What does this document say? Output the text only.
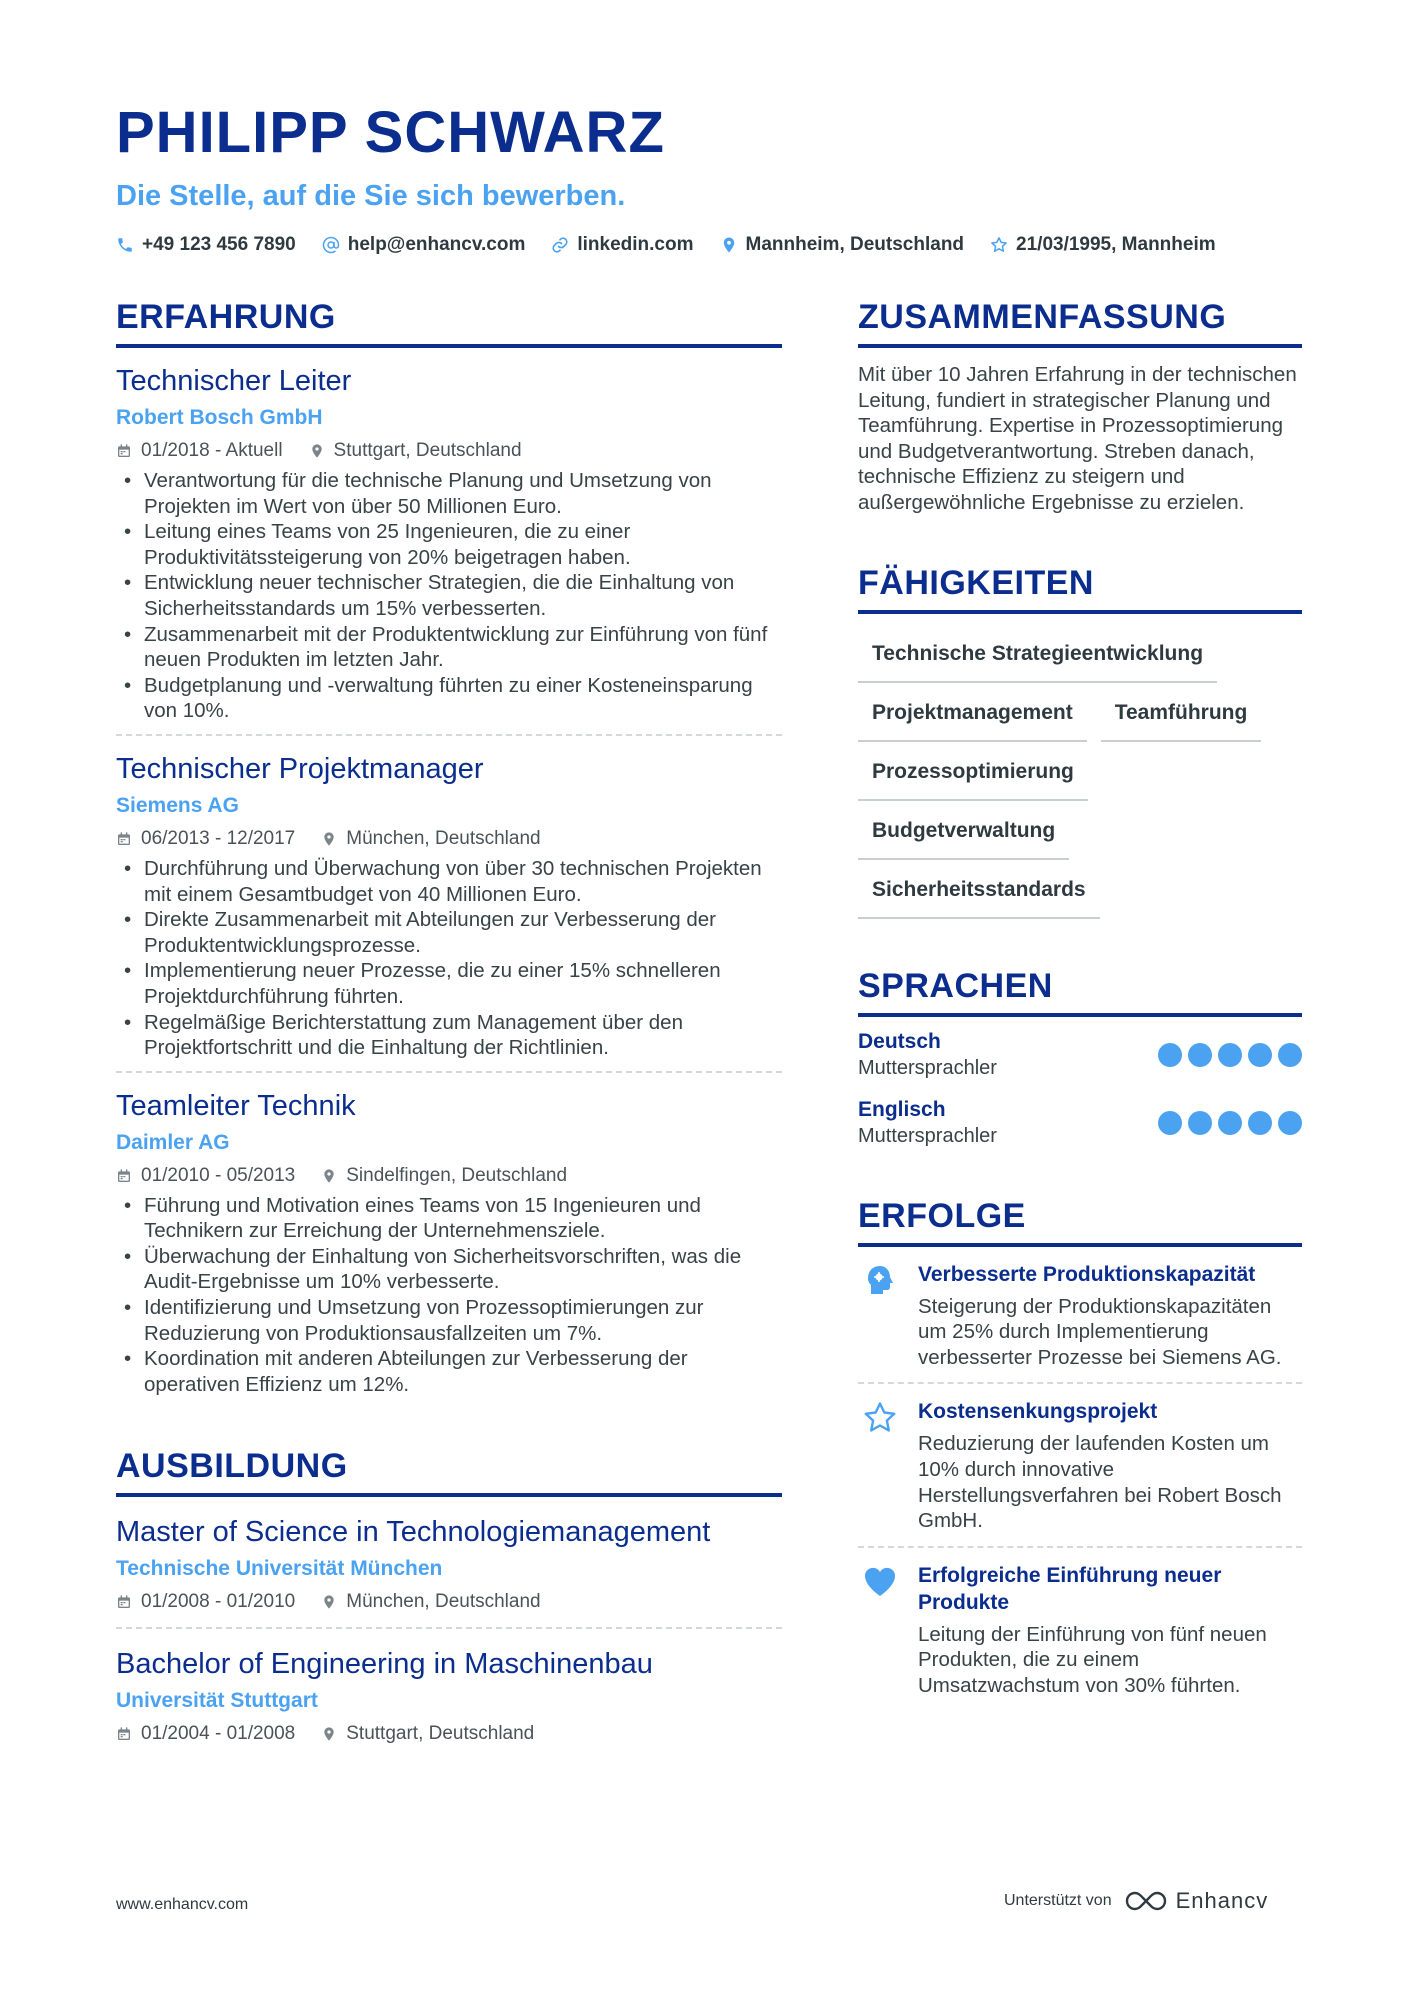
PHILIPP SCHWARZ
Die Stelle, auf die Sie sich bewerben.
+49 123 456 7890	help@enhancv.com	linkedin.com	Mannheim, Deutschland	21/03/1995, Mannheim
ERFAHRUNG
Technischer Leiter
Robert Bosch GmbH
01/2018 - Aktuell	Stuttgart, Deutschland
• Verantwortung für die technische Planung und Umsetzung von Projekten im Wert von über 50 Millionen Euro.
• Leitung eines Teams von 25 Ingenieuren, die zu einer Produktivitätssteigerung von 20% beigetragen haben.
• Entwicklung neuer technischer Strategien, die die Einhaltung von Sicherheitsstandards um 15% verbesserten.
• Zusammenarbeit mit der Produktentwicklung zur Einführung von fünf neuen Produkten im letzten Jahr.
• Budgetplanung und -verwaltung führten zu einer Kosteneinsparung von 10%.
Technischer Projektmanager
Siemens AG
06/2013 - 12/2017	München, Deutschland
• Durchführung und Überwachung von über 30 technischen Projekten mit einem Gesamtbudget von 40 Millionen Euro.
• Direkte Zusammenarbeit mit Abteilungen zur Verbesserung der Produktentwicklungsprozesse.
• Implementierung neuer Prozesse, die zu einer 15% schnelleren Projektdurchführung führten.
• Regelmäßige Berichterstattung zum Management über den Projektfortschritt und die Einhaltung der Richtlinien.
Teamleiter Technik
Daimler AG
01/2010 - 05/2013	Sindelfingen, Deutschland
• Führung und Motivation eines Teams von 15 Ingenieuren und Technikern zur Erreichung der Unternehmensziele.
• Überwachung der Einhaltung von Sicherheitsvorschriften, was die Audit-Ergebnisse um 10% verbesserte.
• Identifizierung und Umsetzung von Prozessoptimierungen zur Reduzierung von Produktionsausfallzeiten um 7%.
• Koordination mit anderen Abteilungen zur Verbesserung der operativen Effizienz um 12%.
AUSBILDUNG
Master of Science in Technologiemanagement
Technische Universität München
01/2008 - 01/2010	München, Deutschland
Bachelor of Engineering in Maschinenbau
Universität Stuttgart
01/2004 - 01/2008	Stuttgart, Deutschland
ZUSAMMENFASSUNG
Mit über 10 Jahren Erfahrung in der technischen Leitung, fundiert in strategischer Planung und Teamführung. Expertise in Prozessoptimierung und Budgetverantwortung. Streben danach, technische Effizienz zu steigern und außergewöhnliche Ergebnisse zu erzielen.
FÄHIGKEITEN
Technische Strategieentwicklung
Projektmanagement	Teamführung
Prozessoptimierung
Budgetverwaltung
Sicherheitsstandards
SPRACHEN
Deutsch
Muttersprachler
Englisch
Muttersprachler
ERFOLGE
Verbesserte Produktionskapazität
Steigerung der Produktionskapazitäten um 25% durch Implementierung verbesserter Prozesse bei Siemens AG.
Kostensenkungsprojekt
Reduzierung der laufenden Kosten um 10% durch innovative Herstellungsverfahren bei Robert Bosch GmbH.
Erfolgreiche Einführung neuer Produkte
Leitung der Einführung von fünf neuen Produkten, die zu einem Umsatzwachstum von 30% führten.
www.enhancv.com	Unterstützt von	Enhancv
